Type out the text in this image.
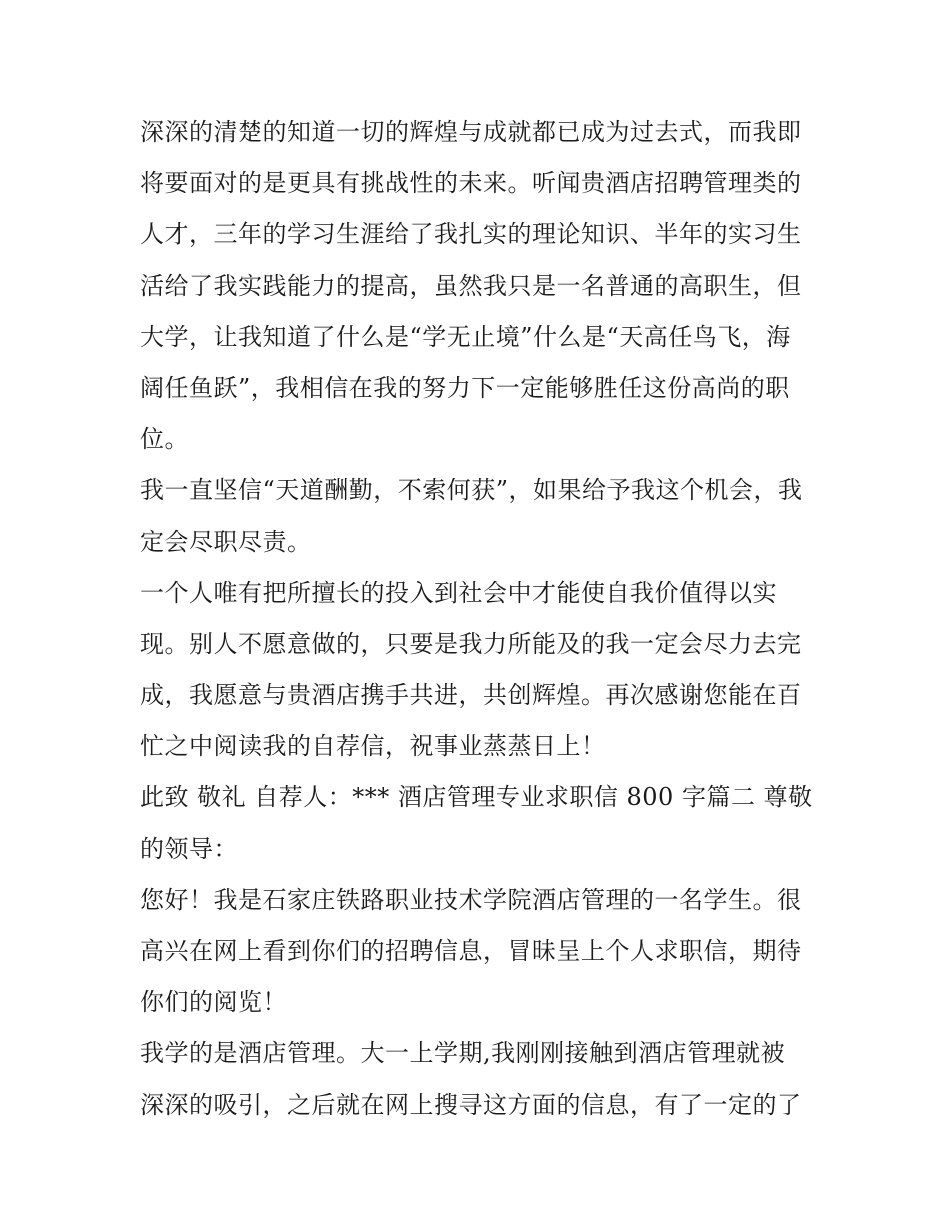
深深的清楚的知道一切的辉煌与成就都已成为过去式，而我即
将要面对的是更具有挑战性的未来。听闻贵酒店招聘管理类的
人才，三年的学习生涯给了我扎实的理论知识、半年的实习生
活给了我实践能力的提高，虽然我只是一名普通的高职生，但
大学，让我知道了什么是“学无止境”什么是“天高任鸟飞，海
阔任鱼跃”，我相信在我的努力下一定能够胜任这份高尚的职
位。
我一直坚信“天道酬勤，不索何获”，如果给予我这个机会，我
定会尽职尽责。
一个人唯有把所擅长的投入到社会中才能使自我价值得以实
现。别人不愿意做的，只要是我力所能及的我一定会尽力去完
成，我愿意与贵酒店携手共进，共创辉煌。再次感谢您能在百
忙之中阅读我的自荐信，祝事业蒸蒸日上！
此致 敬礼 自荐人：*** 酒店管理专业求职信 800 字篇二 尊敬
的领导：
您好！我是石家庄铁路职业技术学院酒店管理的一名学生。很
高兴在网上看到你们的招聘信息，冒昧呈上个人求职信，期待
你们的阅览！
我学的是酒店管理。大一上学期,我刚刚接触到酒店管理就被
深深的吸引，之后就在网上搜寻这方面的信息，有了一定的了
